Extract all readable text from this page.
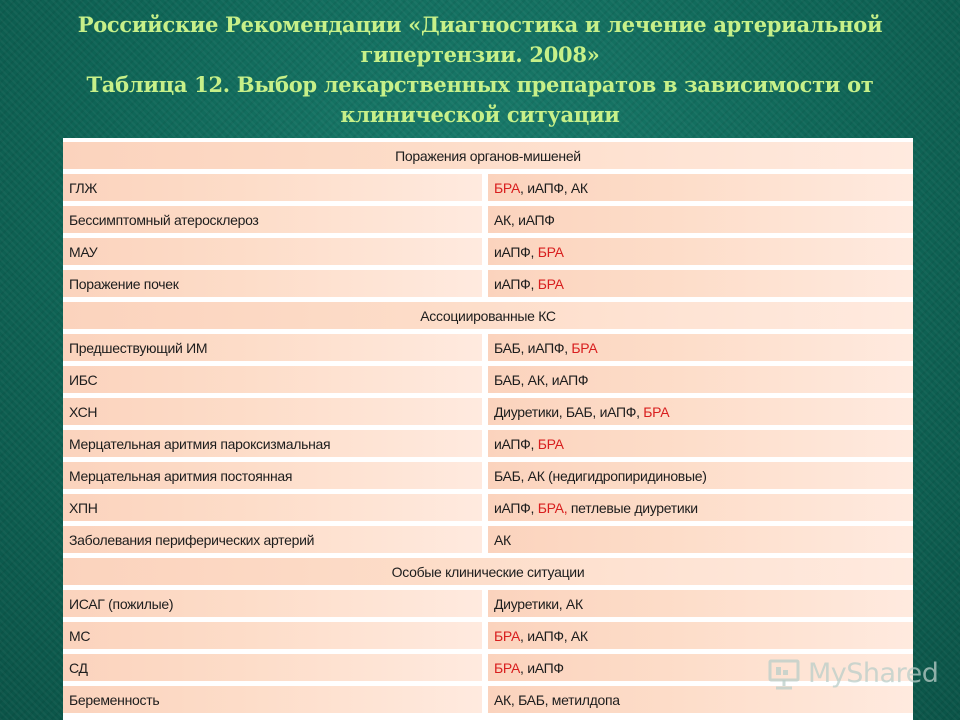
Российские Рекомендации «Диагностика и лечение артериальной
гипертензии. 2008»
Таблица 12. Выбор лекарственных препаратов в зависимости от
клинической ситуации
Поражения органов-мишеней	
ГЛЖ	БРА, иАПФ, АК
Бессимптомный атеросклероз	АК, иАПФ
МАУ	иАПФ, БРА
Поражение почек	иАПФ, БРА
Ассоциированные КС	
Предшествующий ИМ	БАБ, иАПФ, БРА
ИБС	БАБ, АК, иАПФ
ХСН	Диуретики, БАБ, иАПФ, БРА
Мерцательная аритмия пароксизмальная	иАПФ, БРА
Мерцательная аритмия постоянная	БАБ, АК (недигидропиридиновые)
ХПН	иАПФ, БРА, петлевые диуретики
Заболевания периферических артерий	АК
Особые клинические ситуации	
ИСАГ (пожилые)	Диуретики, АК
МС	БРА, иАПФ, АК
СД	БРА, иАПФ
Беременность	АК, БАБ, метилдопа
MyShared
